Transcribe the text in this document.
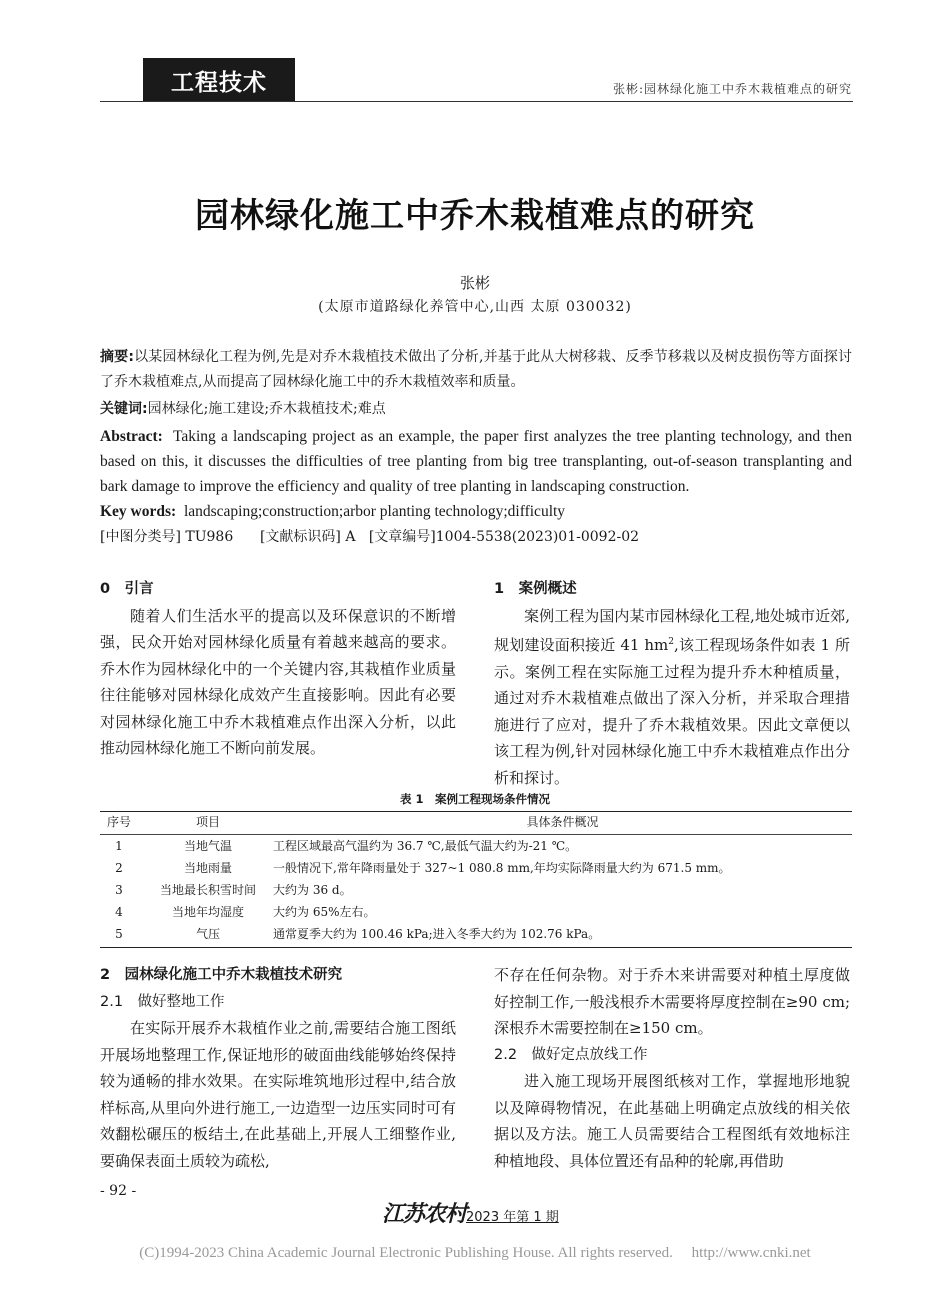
工程技术	张彬:园林绿化施工中乔木栽植难点的研究
园林绿化施工中乔木栽植难点的研究
张彬
(太原市道路绿化养管中心,山西 太原 030032)
摘要:以某园林绿化工程为例,先是对乔木栽植技术做出了分析,并基于此从大树移栽、反季节移栽以及树皮损伤等方面探讨了乔木栽植难点,从而提高了园林绿化施工中的乔木栽植效率和质量。
关键词:园林绿化;施工建设;乔木栽植技术;难点
Abstract: Taking a landscaping project as an example, the paper first analyzes the tree planting technology, and then based on this, it discusses the difficulties of tree planting from big tree transplanting, out-of-season transplanting and bark damage to improve the efficiency and quality of tree planting in landscaping construction.
Key words: landscaping;construction;arbor planting technology;difficulty
[中图分类号] TU986 [文献标识码] A [文章编号]1004-5538(2023)01-0092-02
0　引言

随着人们生活水平的提高以及环保意识的不断增强，民众开始对园林绿化质量有着越来越高的要求。乔木作为园林绿化中的一个关键内容,其栽植作业质量往往能够对园林绿化成效产生直接影响。因此有必要对园林绿化施工中乔木栽植难点作出深入分析，以此推动园林绿化施工不断向前发展。

1　案例概述

案例工程为国内某市园林绿化工程,地处城市近郊,规划建设面积接近 41 $hm^2$,该工程现场条件如表 1 所示。案例工程在实际施工过程为提升乔木种植质量，通过对乔木栽植难点做出了深入分析，并采取合理措施进行了应对，提升了乔木栽植效果。因此文章便以该工程为例,针对园林绿化施工中乔木栽植难点作出分析和探讨。

表 1　案例工程现场条件情况
序号	项目	具体条件概况
1	当地气温	工程区域最高气温约为 36.7 ℃,最低气温大约为-21 ℃。
2	当地雨量	一般情况下,常年降雨量处于 327~1 080.8 mm,年均实际降雨量大约为 671.5 mm。
3	当地最长积雪时间	大约为 36 d。
4	当地年均湿度	大约为 65%左右。
5	气压	通常夏季大约为 100.46 kPa;进入冬季大约为 102.76 kPa。
2　园林绿化施工中乔木栽植技术研究
2.1　做好整地工作

在实际开展乔木栽植作业之前,需要结合施工图纸开展场地整理工作,保证地形的破面曲线能够始终保持较为通畅的排水效果。在实际堆筑地形过程中,结合放样标高,从里向外进行施工,一边造型一边压实同时可有效翻松碾压的板结土,在此基础上,开展人工细整作业,要确保表面土质较为疏松,

不存在任何杂物。对于乔木来讲需要对种植土厚度做好控制工作,一般浅根乔木需要将厚度控制在≥90 cm;深根乔木需要控制在≥150 cm。
2.2　做好定点放线工作

进入施工现场开展图纸核对工作，掌握地形地貌以及障碍物情况，在此基础上明确定点放线的相关依据以及方法。施工人员需要结合工程图纸有效地标注种植地段、具体位置还有品种的轮廓,再借助

- 92 -
江苏农村2023 年第 1 期
(C)1994-2023 China Academic Journal Electronic Publishing House. All rights reserved.　 http://www.cnki.net
